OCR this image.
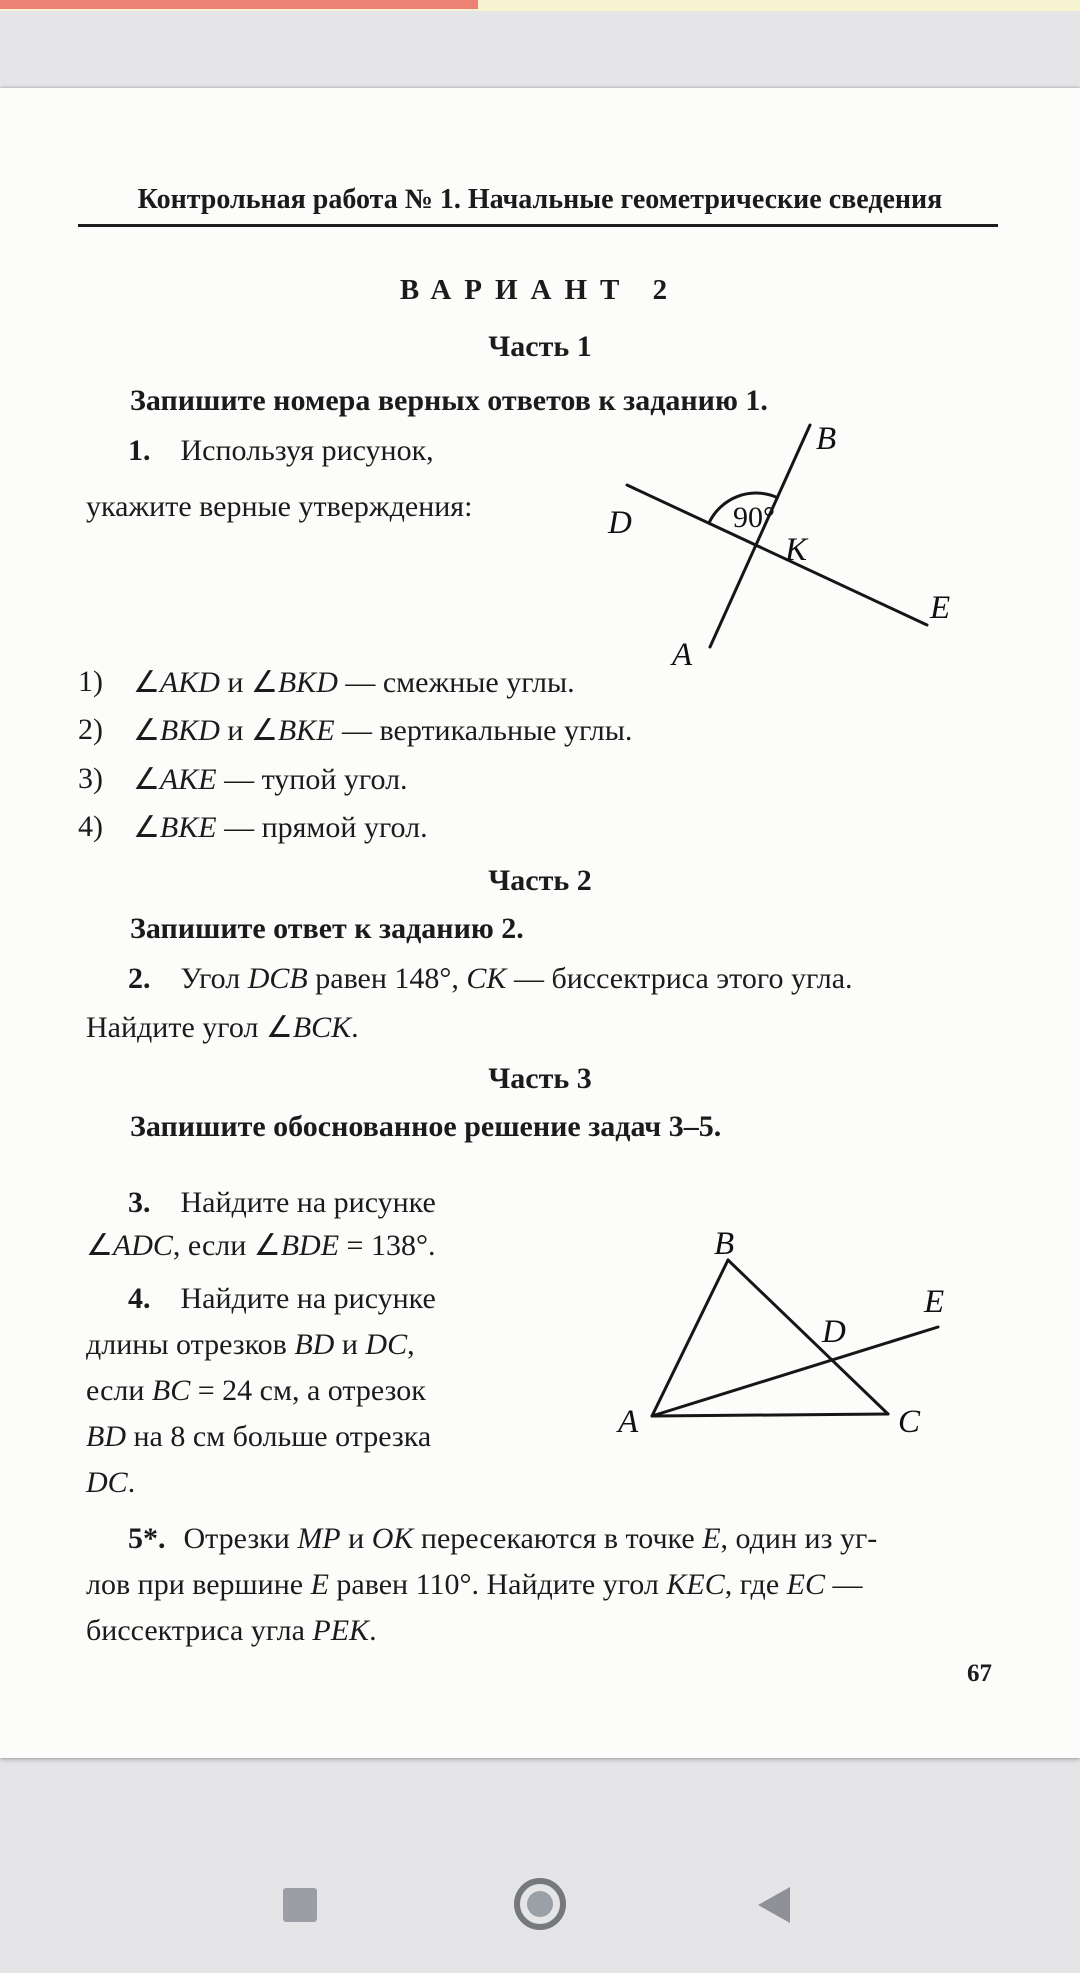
Контрольная работа № 1. Начальные геометрические сведения
ВАРИАНТ 2
Часть 1
Запишите номера верных ответов к заданию 1.
1. Используя рисунок,
укажите верные утверждения:	90°
B
D
K
A
E
1)	∠AKD и ∠BKD — смежные углы.
2)	∠BKD и ∠BKE — вертикальные углы.
3)	∠AKE — тупой угол.
4)	∠BKE — прямой угол.
Часть 2
Запишите ответ к заданию 2.
2. Угол DCB равен 148°, CK — биссектриса этого угла.
Найдите угол ∠BCK.
Часть 3
Запишите обоснованное решение задач 3–5.
3. Найдите на рисунке
∠ADC, если ∠BDE = 138°.
4. Найдите на рисунке
длины отрезков BD и DC,
если BC = 24 см, а отрезок
BD на 8 см больше отрезка
DC.
B
A	C
D
E
5*. Отрезки MP и OK пересекаются в точке E, один из уг-
лов при вершине E равен 110°. Найдите угол KEC, где EC —
биссектриса угла PEK.
67
